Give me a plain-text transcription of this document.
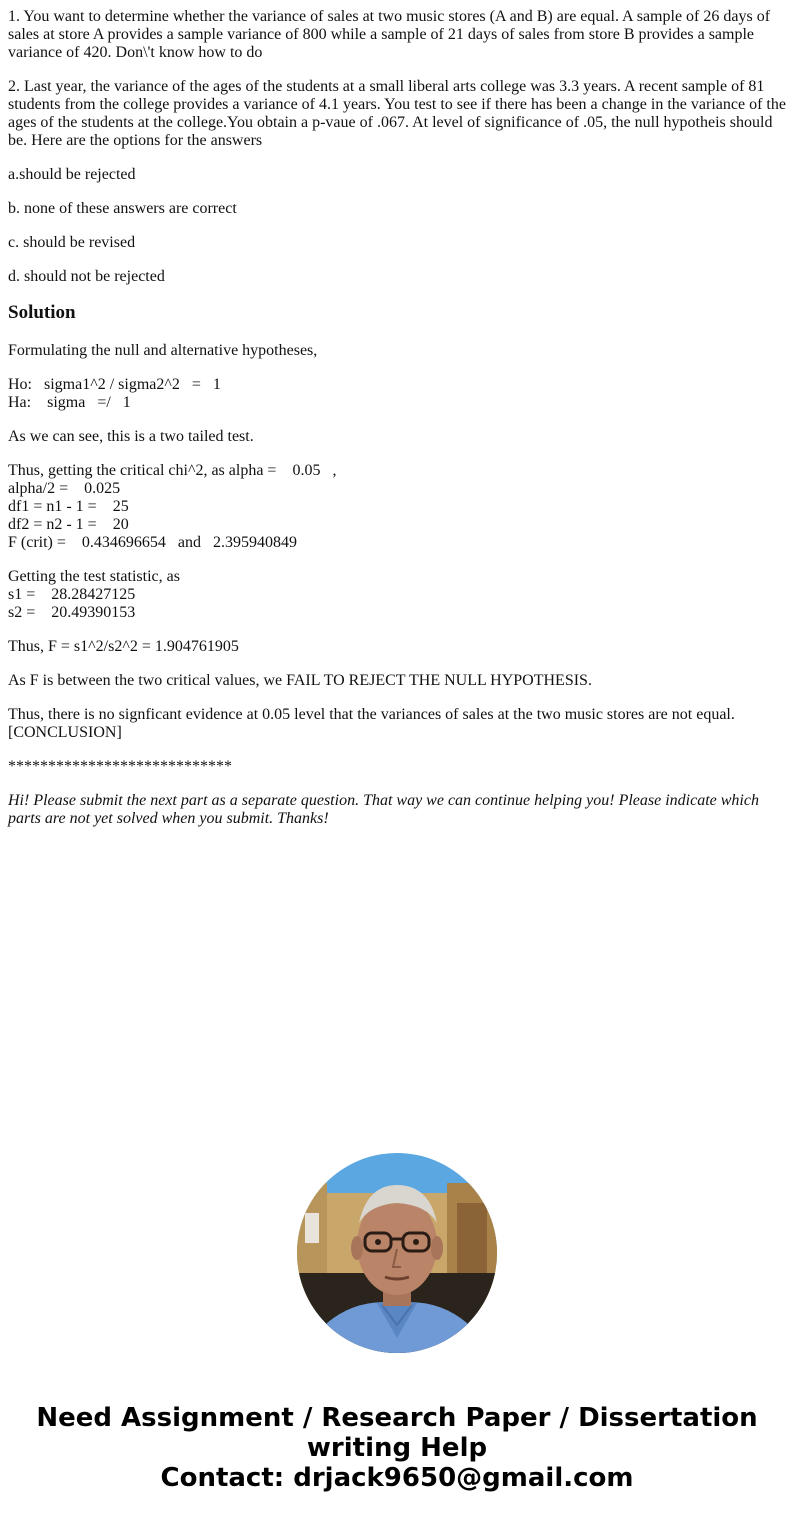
1. You want to determine whether the variance of sales at two music stores (A and B) are equal. A sample of 26 days of sales at store A provides a sample variance of 800 while a sample of 21 days of sales from store B provides a sample variance of 420. Don\'t know how to do

2. Last year, the variance of the ages of the students at a small liberal arts college was 3.3 years. A recent sample of 81 students from the college provides a variance of 4.1 years. You test to see if there has been a change in the variance of the ages of the students at the college.You obtain a p-vaue of .067. At level of significance of .05, the null hypotheis should be. Here are the options for the answers

a.should be rejected

b. none of these answers are correct

c. should be revised

d. should not be rejected

Solution

Formulating the null and alternative hypotheses,

Ho:   sigma1^2 / sigma2^2   =   1
Ha:    sigma   =/   1

As we can see, this is a two tailed test.

Thus, getting the critical chi^2, as alpha =    0.05   ,
alpha/2 =    0.025
df1 = n1 - 1 =    25
df2 = n2 - 1 =    20
F (crit) =    0.434696654   and   2.395940849

Getting the test statistic, as
s1 =    28.28427125
s2 =    20.49390153

Thus, F = s1^2/s2^2 = 1.904761905

As F is between the two critical values, we FAIL TO REJECT THE NULL HYPOTHESIS.

Thus, there is no signficant evidence at 0.05 level that the variances of sales at the two music stores are not equal. [CONCLUSION]

****************************

Hi! Please submit the next part as a separate question. That way we can continue helping you! Please indicate which parts are not yet solved when you submit. Thanks!

Need Assignment / Research Paper / Dissertation
writing Help
Contact: drjack9650@gmail.com
